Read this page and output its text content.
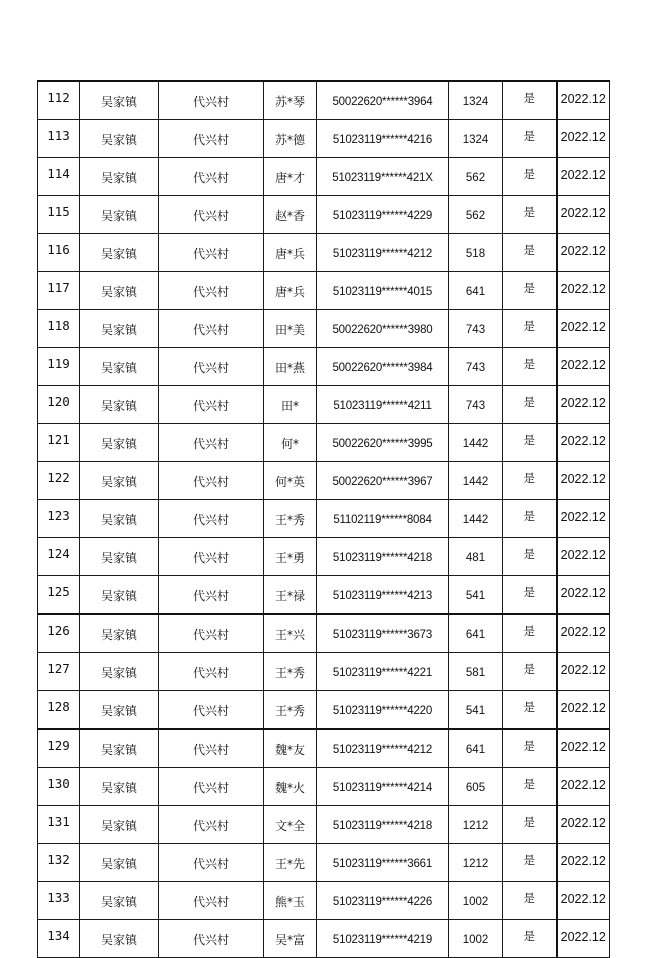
112	吴家镇	代兴村	苏*琴	50022620******3964	1324	是	2022.12
113	吴家镇	代兴村	苏*德	51023119******4216	1324	是	2022.12
114	吴家镇	代兴村	唐*才	51023119******421X	562	是	2022.12
115	吴家镇	代兴村	赵*香	51023119******4229	562	是	2022.12
116	吴家镇	代兴村	唐*兵	51023119******4212	518	是	2022.12
117	吴家镇	代兴村	唐*兵	51023119******4015	641	是	2022.12
118	吴家镇	代兴村	田*美	50022620******3980	743	是	2022.12
119	吴家镇	代兴村	田*燕	50022620******3984	743	是	2022.12
120	吴家镇	代兴村	田*	51023119******4211	743	是	2022.12
121	吴家镇	代兴村	何*	50022620******3995	1442	是	2022.12
122	吴家镇	代兴村	何*英	50022620******3967	1442	是	2022.12
123	吴家镇	代兴村	王*秀	51102119******8084	1442	是	2022.12
124	吴家镇	代兴村	王*勇	51023119******4218	481	是	2022.12
125	吴家镇	代兴村	王*禄	51023119******4213	541	是	2022.12
126	吴家镇	代兴村	王*兴	51023119******3673	641	是	2022.12
127	吴家镇	代兴村	王*秀	51023119******4221	581	是	2022.12
128	吴家镇	代兴村	王*秀	51023119******4220	541	是	2022.12
129	吴家镇	代兴村	魏*友	51023119******4212	641	是	2022.12
130	吴家镇	代兴村	魏*火	51023119******4214	605	是	2022.12
131	吴家镇	代兴村	文*全	51023119******4218	1212	是	2022.12
132	吴家镇	代兴村	王*先	51023119******3661	1212	是	2022.12
133	吴家镇	代兴村	熊*玉	51023119******4226	1002	是	2022.12
134	吴家镇	代兴村	吴*富	51023119******4219	1002	是	2022.12
